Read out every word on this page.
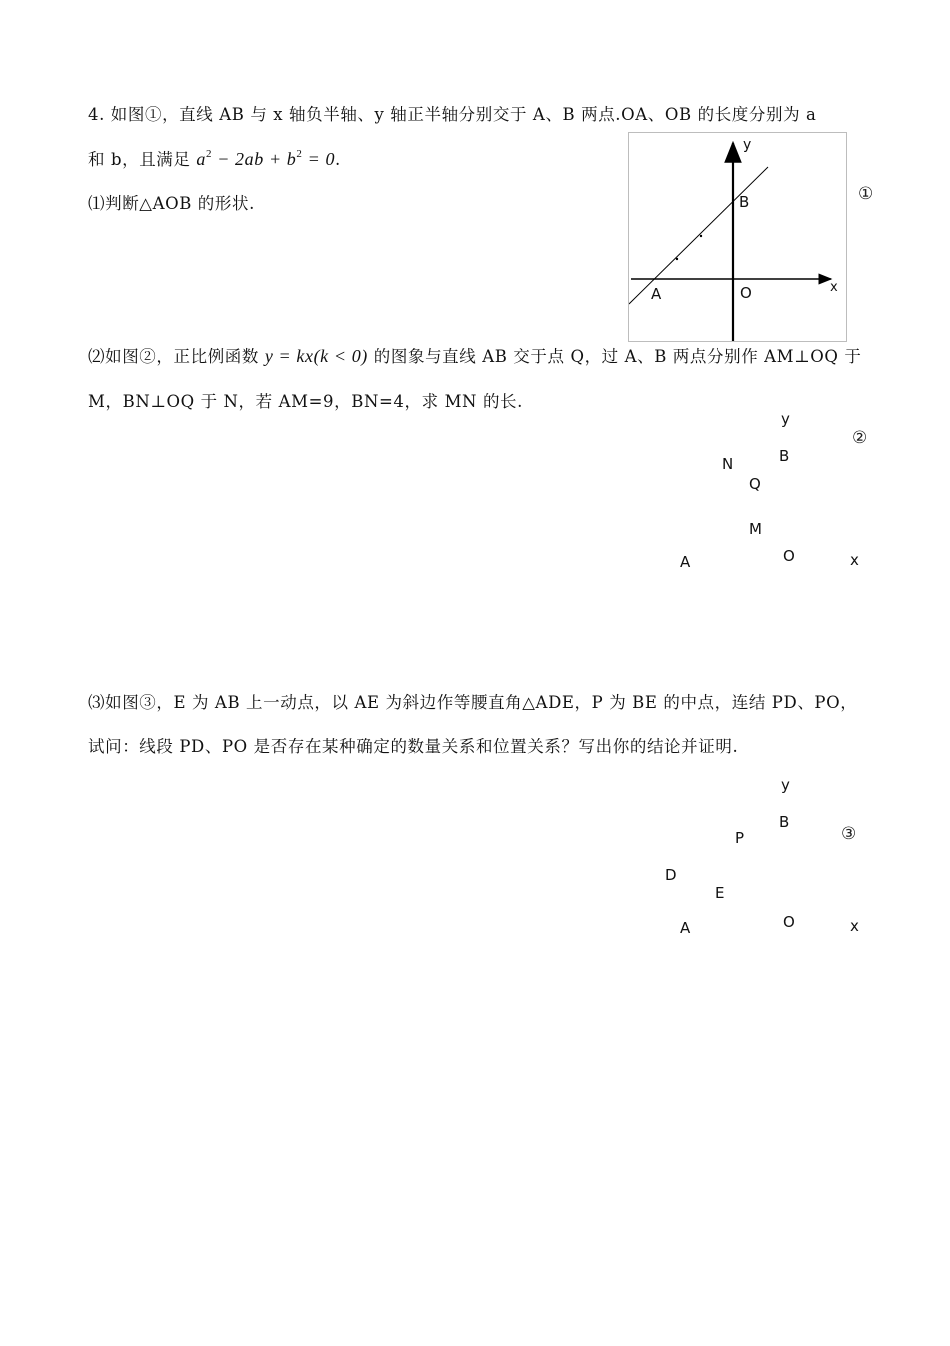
4. 如图①，直线 AB 与 x 轴负半轴、y 轴正半轴分别交于 A、B 两点.OA、OB 的长度分别为 a
和 b，且满足 $a^2 - 2ab + b^2 = 0$.
⑴判断△AOB 的形状.
y
x
B
A	O
①
⑵如图②，正比例函数 y = kx(k < 0) 的图象与直线 AB 交于点 Q，过 A、B 两点分别作 AM⊥OQ 于
M，BN⊥OQ 于 N，若 AM=9，BN=4，求 MN 的长.
y
②
B
N
Q
M
O
A	x
⑶如图③，E 为 AB 上一动点，以 AE 为斜边作等腰直角△ADE，P 为 BE 的中点，连结 PD、PO，
试问：线段 PD、PO 是否存在某种确定的数量关系和位置关系？写出你的结论并证明.
y
B
③
P
D
E
O
A	x
